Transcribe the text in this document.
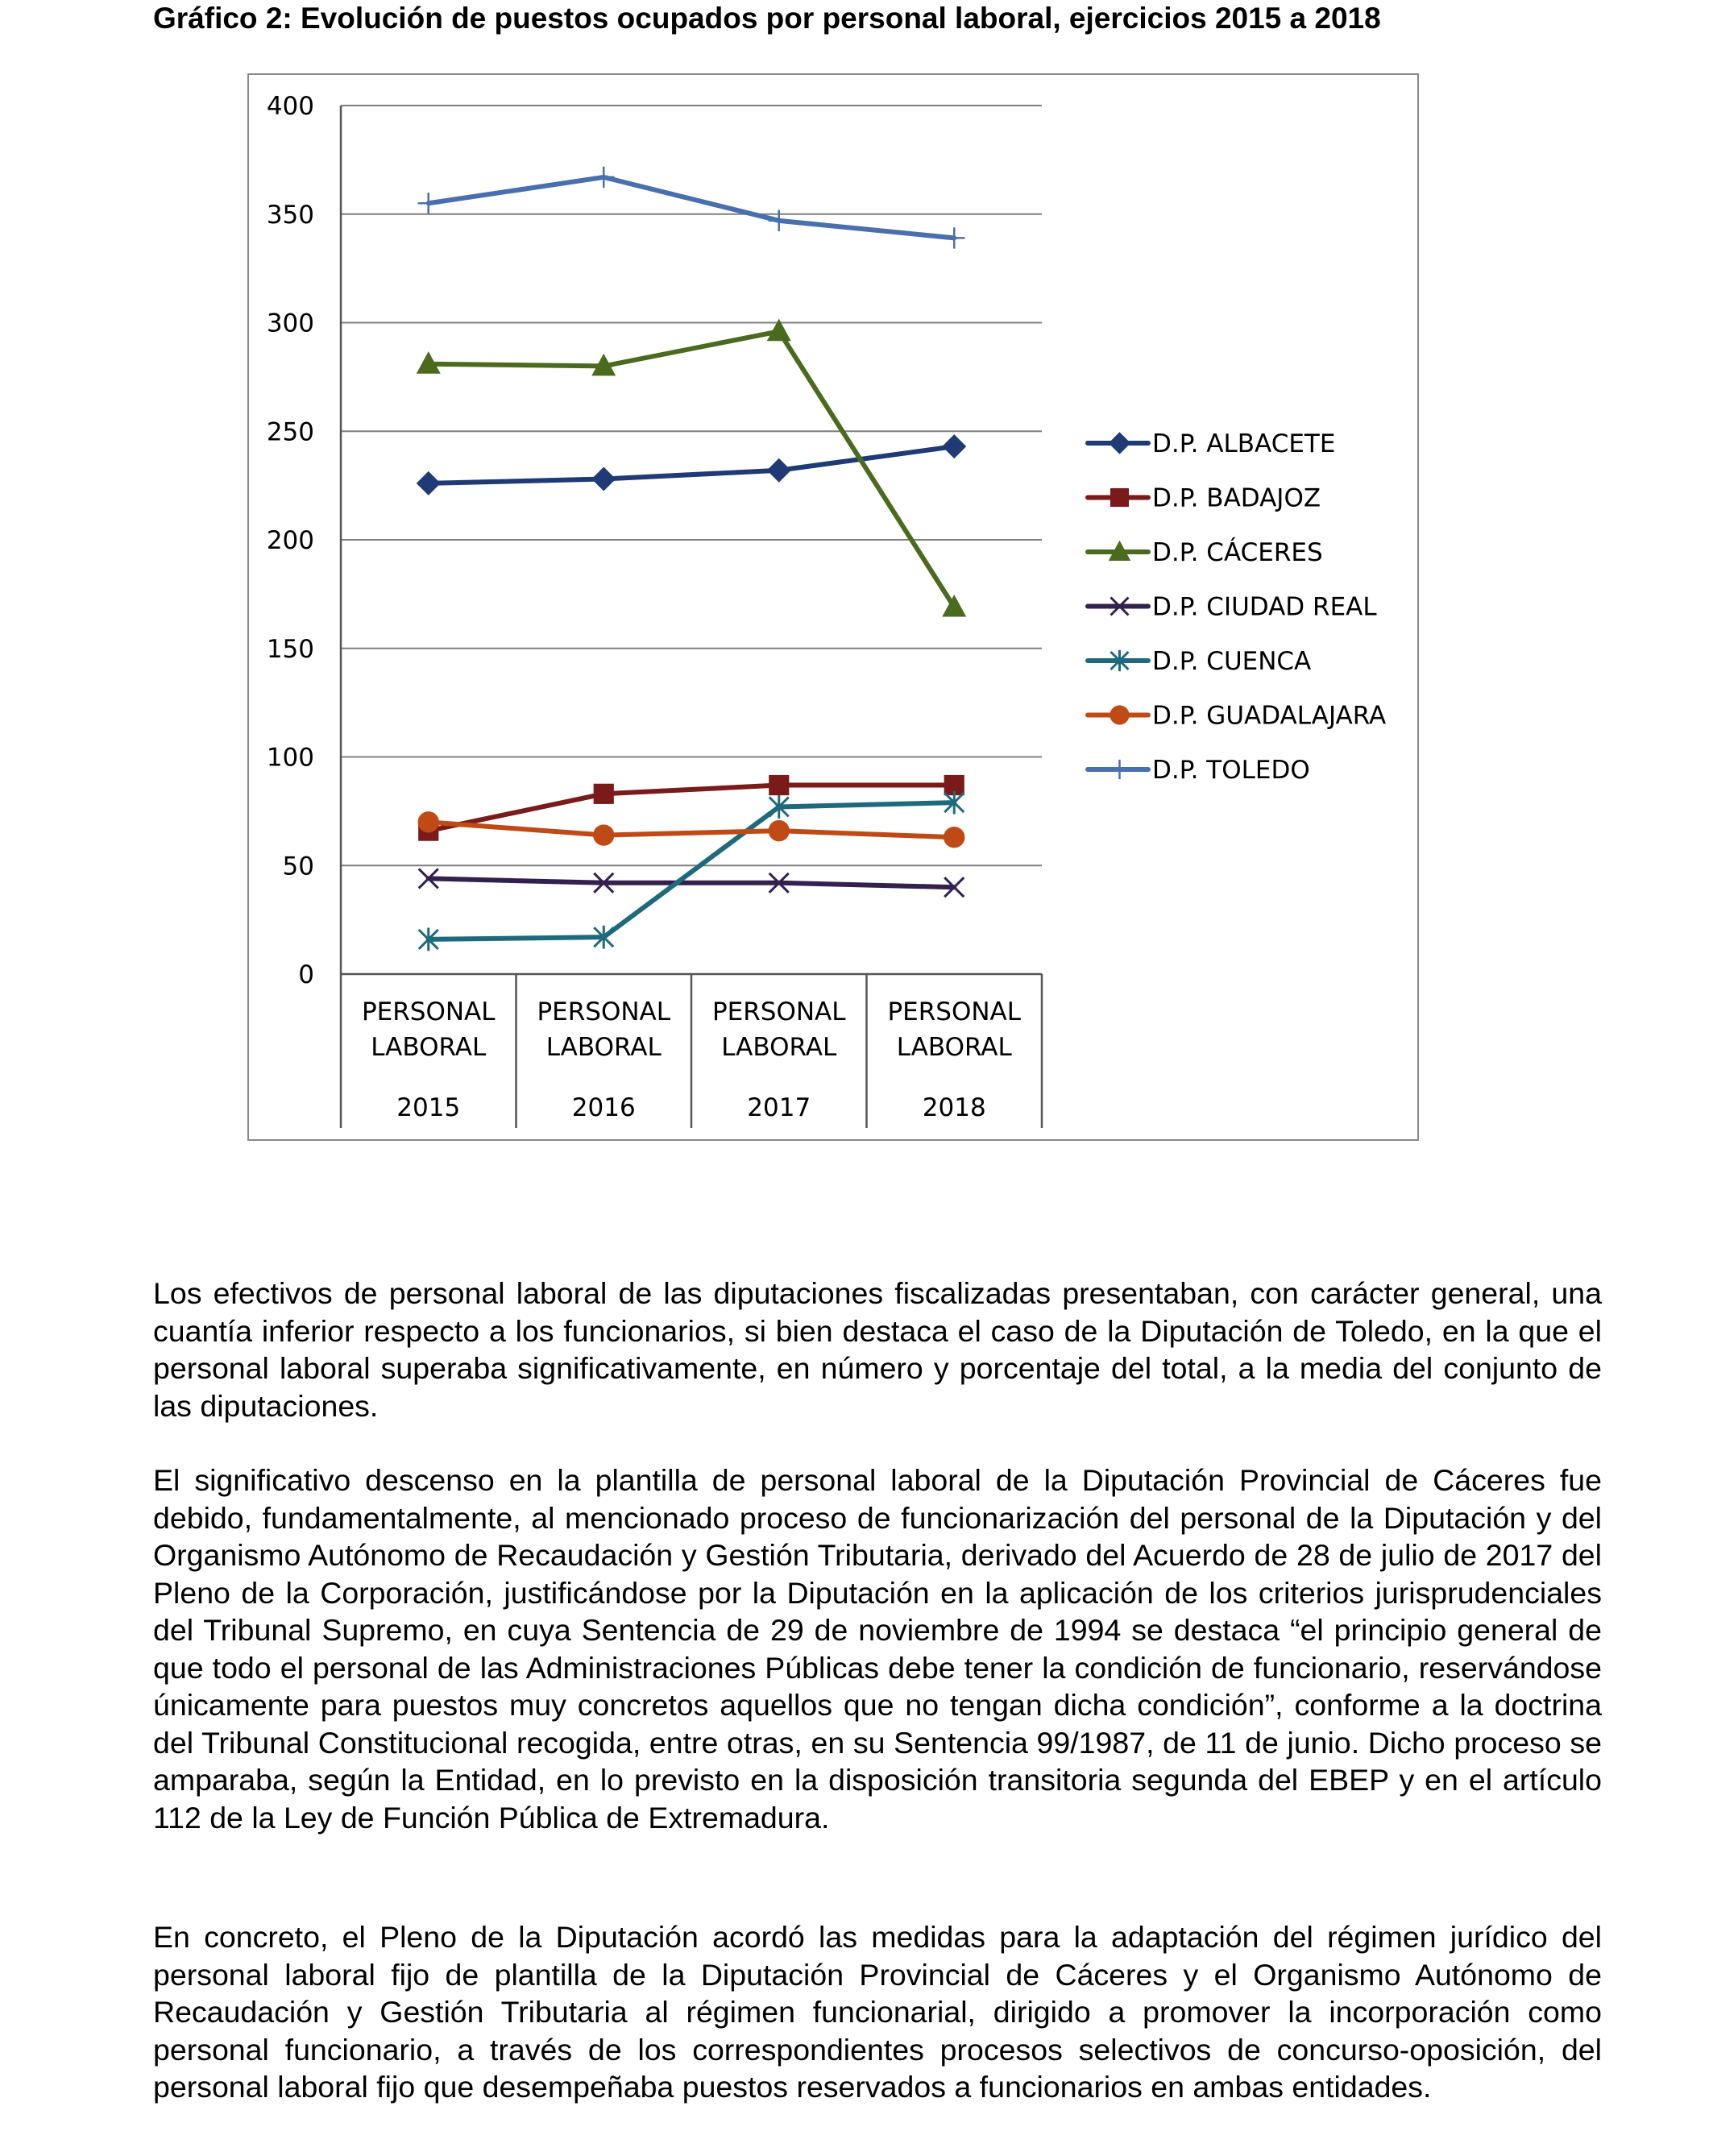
Gráfico 2: Evolución de puestos ocupados por personal laboral, ejercicios 2015 a 2018
0
50
100
150
200
250
300
350
400
PERSONAL
LABORAL
2015
PERSONAL
LABORAL
2016
PERSONAL
LABORAL
2017
PERSONAL
LABORAL
2018
D.P. ALBACETE
D.P. BADAJOZ
D.P. CÁCERES
D.P. CIUDAD REAL
D.P. CUENCA
D.P. GUADALAJARA
D.P. TOLEDO

Los efectivos de personal laboral de las diputaciones fiscalizadas presentaban, con carácter general, una cuantía inferior respecto a los funcionarios, si bien destaca el caso de la Diputación de Toledo, en la que el personal laboral superaba significativamente, en número y porcentaje del total, a la media del conjunto de las diputaciones.

El significativo descenso en la plantilla de personal laboral de la Diputación Provincial de Cáceres fue debido, fundamentalmente, al mencionado proceso de funcionarización del personal de la Diputación y del Organismo Autónomo de Recaudación y Gestión Tributaria, derivado del Acuerdo de 28 de julio de 2017 del Pleno de la Corporación, justificándose por la Diputación en la aplicación de los criterios jurisprudenciales del Tribunal Supremo, en cuya Sentencia de 29 de noviembre de 1994 se destaca “el principio general de que todo el personal de las Administraciones Públicas debe tener la condición de funcionario, reservándose únicamente para puestos muy concretos aquellos que no tengan dicha condición”, conforme a la doctrina del Tribunal Constitucional recogida, entre otras, en su Sentencia 99/1987, de 11 de junio. Dicho proceso se amparaba, según la Entidad, en lo previsto en la disposición transitoria segunda del EBEP y en el artículo 112 de la Ley de Función Pública de Extremadura.

En concreto, el Pleno de la Diputación acordó las medidas para la adaptación del régimen jurídico del personal laboral fijo de plantilla de la Diputación Provincial de Cáceres y el Organismo Autónomo de Recaudación y Gestión Tributaria al régimen funcionarial, dirigido a promover la incorporación como personal funcionario, a través de los correspondientes procesos selectivos de concurso-oposición, del personal laboral fijo que desempeñaba puestos reservados a funcionarios en ambas entidades.
